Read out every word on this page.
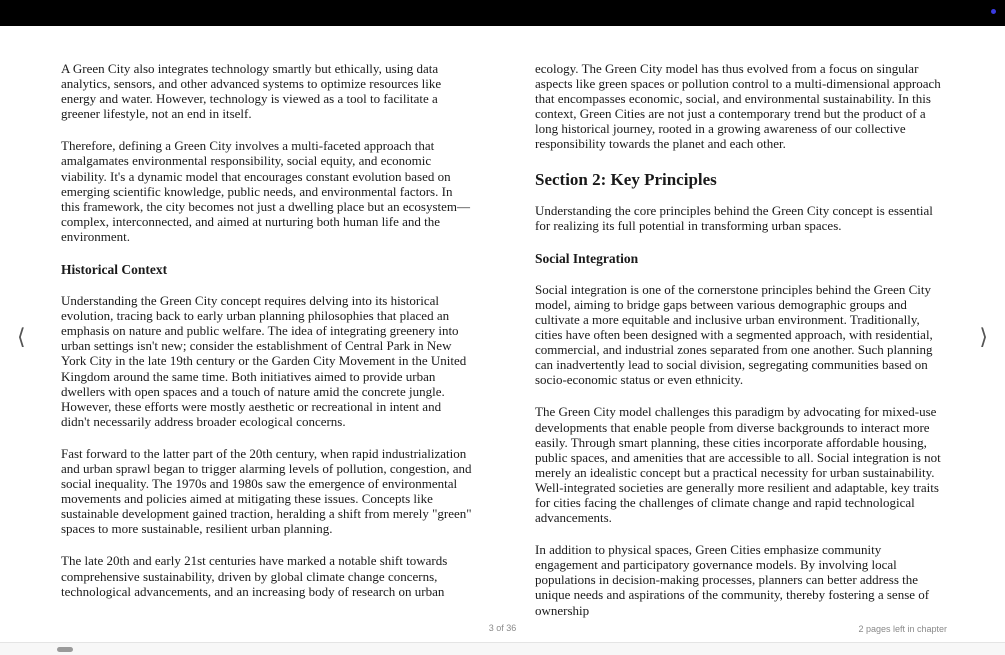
A Green City also integrates technology smartly but ethically, using data analytics, sensors, and other advanced systems to optimize resources like energy and water. However, technology is viewed as a tool to facilitate a greener lifestyle, not an end in itself.

Therefore, defining a Green City involves a multi-faceted approach that amalgamates environmental responsibility, social equity, and economic viability. It's a dynamic model that encourages constant evolution based on emerging scientific knowledge, public needs, and environmental factors. In this framework, the city becomes not just a dwelling place but an ecosystem—complex, interconnected, and aimed at nurturing both human life and the environment.

Historical Context

Understanding the Green City concept requires delving into its historical evolution, tracing back to early urban planning philosophies that placed an emphasis on nature and public welfare. The idea of integrating greenery into urban settings isn't new; consider the establishment of Central Park in New York City in the late 19th century or the Garden City Movement in the United Kingdom around the same time. Both initiatives aimed to provide urban dwellers with open spaces and a touch of nature amid the concrete jungle. However, these efforts were mostly aesthetic or recreational in intent and didn't necessarily address broader ecological concerns.

Fast forward to the latter part of the 20th century, when rapid industrialization and urban sprawl began to trigger alarming levels of pollution, congestion, and social inequality. The 1970s and 1980s saw the emergence of environmental movements and policies aimed at mitigating these issues. Concepts like sustainable development gained traction, heralding a shift from merely "green" spaces to more sustainable, resilient urban planning.

The late 20th and early 21st centuries have marked a notable shift towards comprehensive sustainability, driven by global climate change concerns, technological advancements, and an increasing body of research on urban

ecology. The Green City model has thus evolved from a focus on singular aspects like green spaces or pollution control to a multi-dimensional approach that encompasses economic, social, and environmental sustainability. In this context, Green Cities are not just a contemporary trend but the product of a long historical journey, rooted in a growing awareness of our collective responsibility towards the planet and each other.

Section 2: Key Principles

Understanding the core principles behind the Green City concept is essential for realizing its full potential in transforming urban spaces.

Social Integration

Social integration is one of the cornerstone principles behind the Green City model, aiming to bridge gaps between various demographic groups and cultivate a more equitable and inclusive urban environment. Traditionally, cities have often been designed with a segmented approach, with residential, commercial, and industrial zones separated from one another. Such planning can inadvertently lead to social division, segregating communities based on socio-economic status or even ethnicity.

The Green City model challenges this paradigm by advocating for mixed-use developments that enable people from diverse backgrounds to interact more easily. Through smart planning, these cities incorporate affordable housing, public spaces, and amenities that are accessible to all. Social integration is not merely an idealistic concept but a practical necessity for urban sustainability. Well-integrated societies are generally more resilient and adaptable, key traits for cities facing the challenges of climate change and rapid technological advancements.

In addition to physical spaces, Green Cities emphasize community engagement and participatory governance models. By involving local populations in decision-making processes, planners can better address the unique needs and aspirations of the community, thereby fostering a sense of ownership

⟨	⟩
3 of 36	2 pages left in chapter
